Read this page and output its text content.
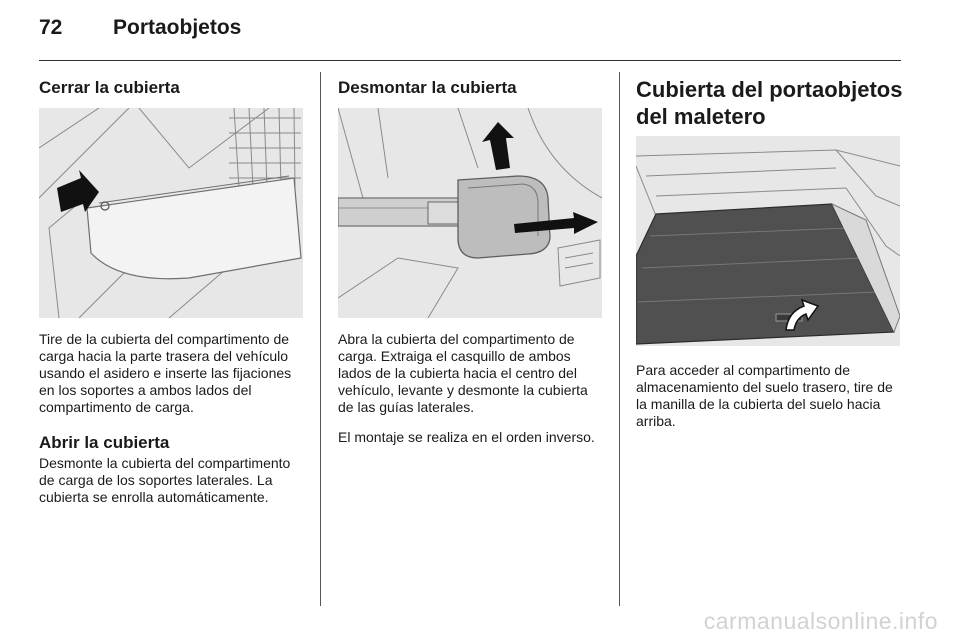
72 Portaobjetos
Cerrar la cubierta

Tire de la cubierta del compartimento de carga hacia la parte trasera del vehículo usando el asidero e inserte las fijaciones en los soportes a ambos lados del compartimento de carga.

Abrir la cubierta

Desmonte la cubierta del compartimento de carga de los soportes laterales. La cubierta se enrolla automáticamente.

Desmontar la cubierta

Abra la cubierta del compartimento de carga. Extraiga el casquillo de ambos lados de la cubierta hacia el centro del vehículo, levante y desmonte la cubierta de las guías laterales.

El montaje se realiza en el orden inverso.

Cubierta del portaobjetos del maletero

Para acceder al compartimento de almacenamiento del suelo trasero, tire de la manilla de la cubierta del suelo hacia arriba.

carmanualsonline.info
